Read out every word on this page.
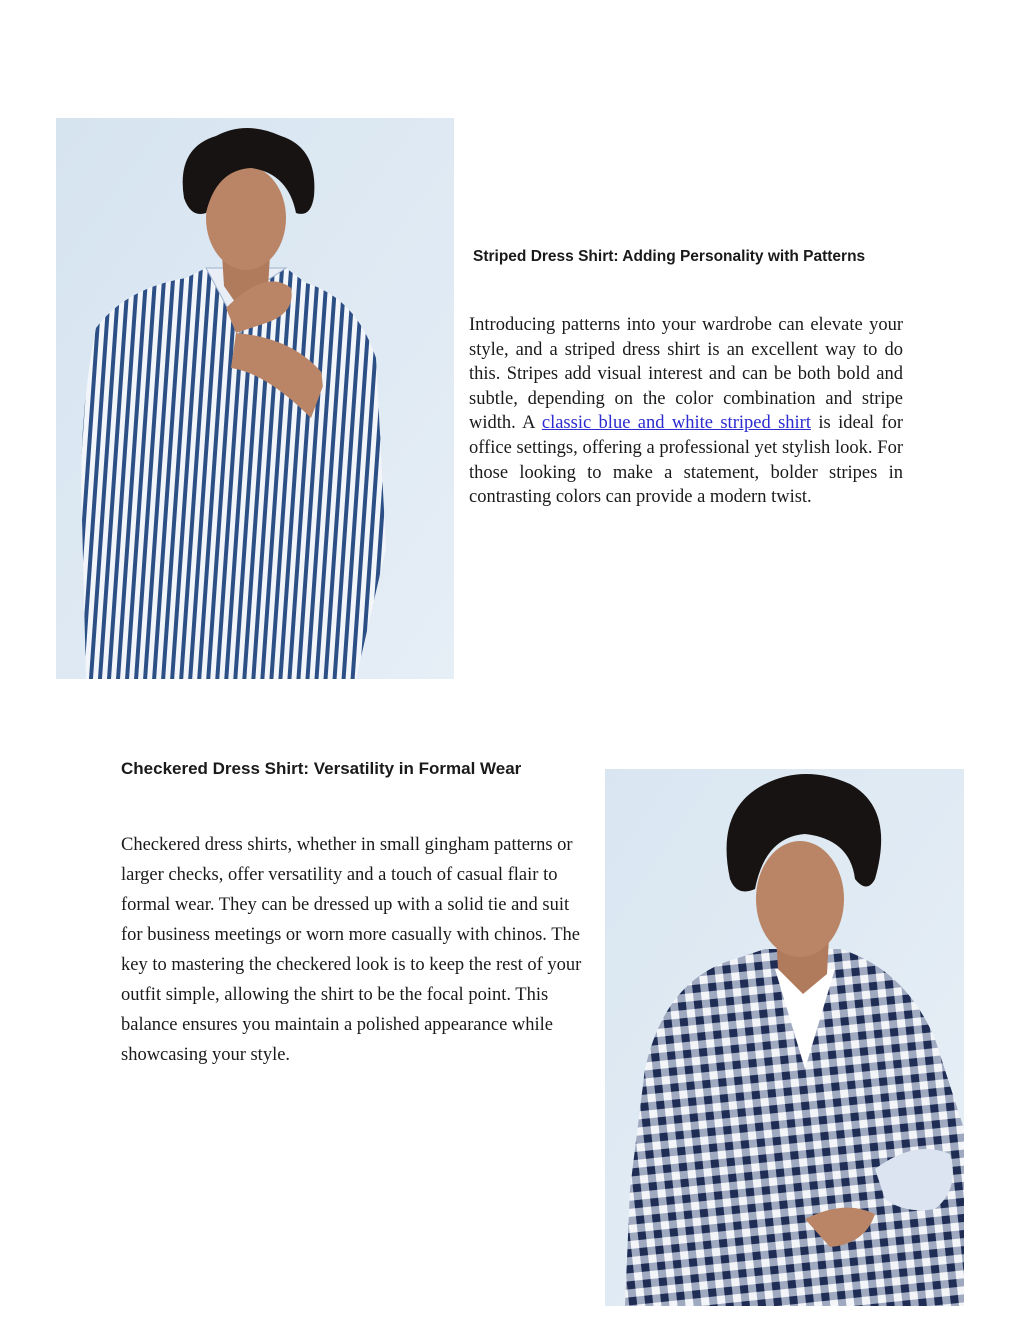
Striped Dress Shirt: Adding Personality with Patterns

Introducing patterns into your wardrobe can elevate your style, and a striped dress shirt is an excellent way to do this. Stripes add visual interest and can be both bold and subtle, depending on the color combination and stripe width. A classic blue and white striped shirt is ideal for office settings, offering a professional yet stylish look. For those looking to make a statement, bolder stripes in contrasting colors can provide a modern twist.

Checkered Dress Shirt: Versatility in Formal Wear

Checkered dress shirts, whether in small gingham patterns or larger checks, offer versatility and a touch of casual flair to formal wear. They can be dressed up with a solid tie and suit for business meetings or worn more casually with chinos. The key to mastering the checkered look is to keep the rest of your outfit simple, allowing the shirt to be the focal point. This balance ensures you maintain a polished appearance while showcasing your style.
